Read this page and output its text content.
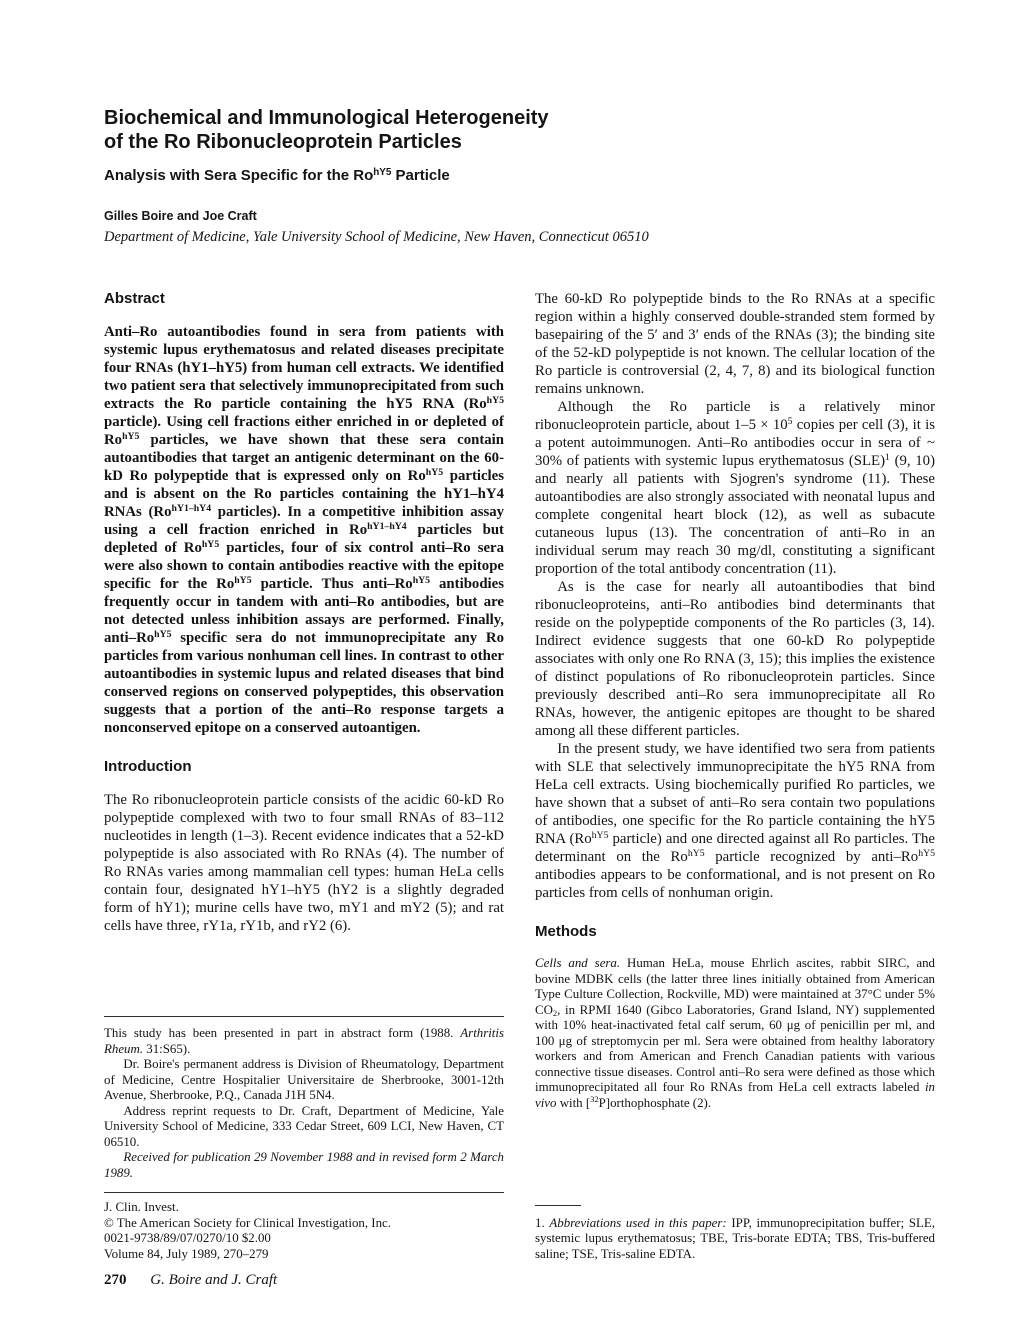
Biochemical and Immunological Heterogeneity
of the Ro Ribonucleoprotein Particles
Analysis with Sera Specific for the $Ro^{hY5}$ Particle
Gilles Boire and Joe Craft
Department of Medicine, Yale University School of Medicine, New Haven, Connecticut 06510
Abstract

Anti–Ro autoantibodies found in sera from patients with systemic lupus erythematosus and related diseases precipitate four RNAs (hY1–hY5) from human cell extracts. We identified two patient sera that selectively immunoprecipitated from such extracts the Ro particle containing the hY5 RNA ($Ro^{hY5}$ particle). Using cell fractions either enriched in or depleted of $Ro^{hY5}$ particles, we have shown that these sera contain autoantibodies that target an antigenic determinant on the 60-kD Ro polypeptide that is expressed only on $Ro^{hY5}$ particles and is absent on the Ro particles containing the hY1–hY4 RNAs ($Ro^{hY1-hY4}$ particles). In a competitive inhibition assay using a cell fraction enriched in $Ro^{hY1-hY4}$ particles but depleted of $Ro^{hY5}$ particles, four of six control anti–Ro sera were also shown to contain antibodies reactive with the epitope specific for the $Ro^{hY5}$ particle. Thus anti–$Ro^{hY5}$ antibodies frequently occur in tandem with anti–Ro antibodies, but are not detected unless inhibition assays are performed. Finally, anti–$Ro^{hY5}$ specific sera do not immunoprecipitate any Ro particles from various nonhuman cell lines. In contrast to other autoantibodies in systemic lupus and related diseases that bind conserved regions on conserved polypeptides, this observation suggests that a portion of the anti–Ro response targets a nonconserved epitope on a conserved autoantigen.

Introduction

The Ro ribonucleoprotein particle consists of the acidic 60-kD Ro polypeptide complexed with two to four small RNAs of 83–112 nucleotides in length (1–3). Recent evidence indicates that a 52-kD polypeptide is also associated with Ro RNAs (4). The number of Ro RNAs varies among mammalian cell types: human HeLa cells contain four, designated hY1–hY5 (hY2 is a slightly degraded form of hY1); murine cells have two, mY1 and mY2 (5); and rat cells have three, rY1a, rY1b, and rY2 (6).

This study has been presented in part in abstract form (1988. Arthritis Rheum. 31:S65).

Dr. Boire's permanent address is Division of Rheumatology, Department of Medicine, Centre Hospitalier Universitaire de Sherbrooke, 3001-12th Avenue, Sherbrooke, P.Q., Canada J1H 5N4.

Address reprint requests to Dr. Craft, Department of Medicine, Yale University School of Medicine, 333 Cedar Street, 609 LCI, New Haven, CT 06510.

Received for publication 29 November 1988 and in revised form 2 March 1989.

J. Clin. Invest.

© The American Society for Clinical Investigation, Inc.

0021-9738/89/07/0270/10 $2.00

Volume 84, July 1989, 270–279

The 60-kD Ro polypeptide binds to the Ro RNAs at a specific region within a highly conserved double-stranded stem formed by basepairing of the 5′ and 3′ ends of the RNAs (3); the binding site of the 52-kD polypeptide is not known. The cellular location of the Ro particle is controversial (2, 4, 7, 8) and its biological function remains unknown.

Although the Ro particle is a relatively minor ribonucleoprotein particle, about $1-5 \times 10^5$ copies per cell (3), it is a potent autoimmunogen. Anti–Ro antibodies occur in sera of ~ 30% of patients with systemic lupus erythematosus (SLE)$^1$ (9, 10) and nearly all patients with Sjogren's syndrome (11). These autoantibodies are also strongly associated with neonatal lupus and complete congenital heart block (12), as well as subacute cutaneous lupus (13). The concentration of anti–Ro in an individual serum may reach 30 mg/dl, constituting a significant proportion of the total antibody concentration (11).

As is the case for nearly all autoantibodies that bind ribonucleoproteins, anti–Ro antibodies bind determinants that reside on the polypeptide components of the Ro particles (3, 14). Indirect evidence suggests that one 60-kD Ro polypeptide associates with only one Ro RNA (3, 15); this implies the existence of distinct populations of Ro ribonucleoprotein particles. Since previously described anti–Ro sera immunoprecipitate all Ro RNAs, however, the antigenic epitopes are thought to be shared among all these different particles.

In the present study, we have identified two sera from patients with SLE that selectively immunoprecipitate the hY5 RNA from HeLa cell extracts. Using biochemically purified Ro particles, we have shown that a subset of anti–Ro sera contain two populations of antibodies, one specific for the Ro particle containing the hY5 RNA ($Ro^{hY5}$ particle) and one directed against all Ro particles. The determinant on the $Ro^{hY5}$ particle recognized by anti–$Ro^{hY5}$ antibodies appears to be conformational, and is not present on Ro particles from cells of nonhuman origin.

Methods

Cells and sera. Human HeLa, mouse Ehrlich ascites, rabbit SIRC, and bovine MDBK cells (the latter three lines initially obtained from American Type Culture Collection, Rockville, MD) were maintained at 37°C under 5% $CO_2$, in RPMI 1640 (Gibco Laboratories, Grand Island, NY) supplemented with 10% heat-inactivated fetal calf serum, 60 μg of penicillin per ml, and 100 μg of streptomycin per ml. Sera were obtained from healthy laboratory workers and from American and French Canadian patients with various connective tissue diseases. Control anti–Ro sera were defined as those which immunoprecipitated all four Ro RNAs from HeLa cell extracts labeled in vivo with [$^{32}$P]orthophosphate (2).

1. Abbreviations used in this paper: IPP, immunoprecipitation buffer; SLE, systemic lupus erythematosus; TBE, Tris-borate EDTA; TBS, Tris-buffered saline; TSE, Tris-saline EDTA.

270 G. Boire and J. Craft
